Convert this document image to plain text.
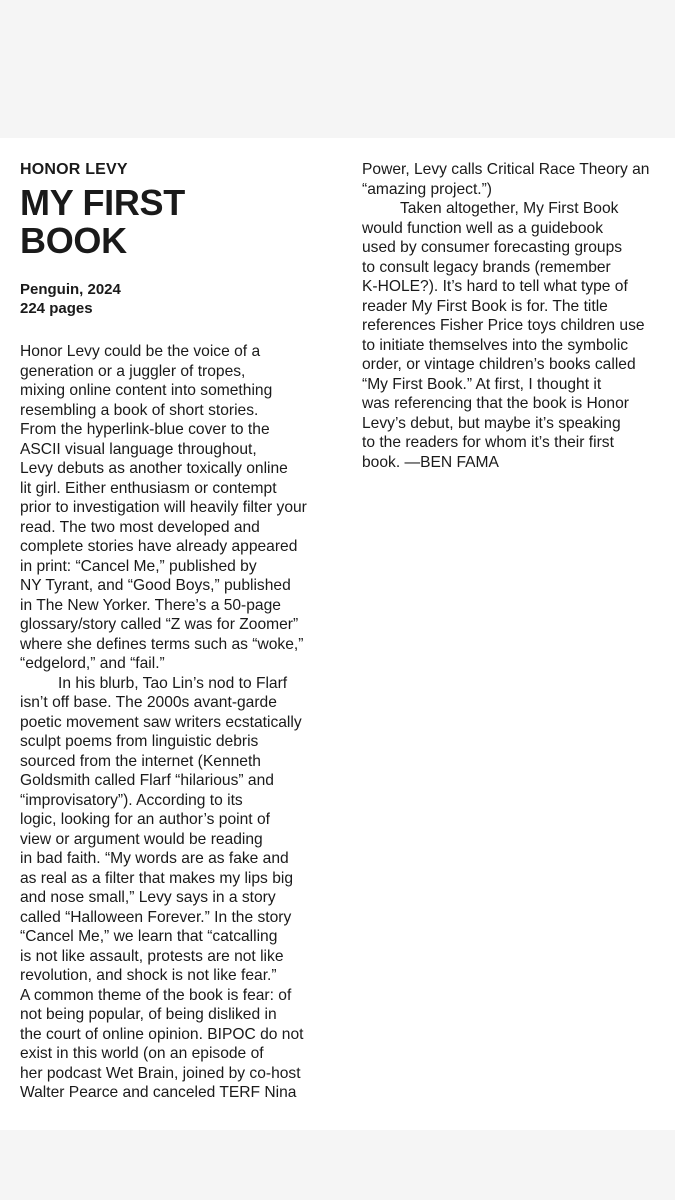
HONOR LEVY
MY FIRST
BOOK
Penguin, 2024
224 pages
Honor Levy could be the voice of a
generation or a juggler of tropes,
mixing online content into something
resembling a book of short stories.
From the hyperlink-blue cover to the
ASCII visual language throughout,
Levy debuts as another toxically online
lit girl. Either enthusiasm or contempt
prior to investigation will heavily filter your
read. The two most developed and
complete stories have already appeared
in print: “Cancel Me,” published by
NY Tyrant, and “Good Boys,” published
in The New Yorker. There’s a 50-page
glossary/story called “Z was for Zoomer”
where she defines terms such as “woke,”
“edgelord,” and “fail.”
In his blurb, Tao Lin’s nod to Flarf
isn’t off base. The 2000s avant-garde
poetic movement saw writers ecstatically
sculpt poems from linguistic debris
sourced from the internet (Kenneth
Goldsmith called Flarf “hilarious” and
“improvisatory”). According to its
logic, looking for an author’s point of
view or argument would be reading
in bad faith. “My words are as fake and
as real as a filter that makes my lips big
and nose small,” Levy says in a story
called “Halloween Forever.” In the story
“Cancel Me,” we learn that “catcalling
is not like assault, protests are not like
revolution, and shock is not like fear.”
A common theme of the book is fear: of
not being popular, of being disliked in
the court of online opinion. BIPOC do not
exist in this world (on an episode of
her podcast Wet Brain, joined by co-host
Walter Pearce and canceled TERF Nina
Power, Levy calls Critical Race Theory an
“amazing project.”)
Taken altogether, My First Book
would function well as a guidebook
used by consumer forecasting groups
to consult legacy brands (remember
K-HOLE?). It’s hard to tell what type of
reader My First Book is for. The title
references Fisher Price toys children use
to initiate themselves into the symbolic
order, or vintage children’s books called
“My First Book.” At first, I thought it
was referencing that the book is Honor
Levy’s debut, but maybe it’s speaking
to the readers for whom it’s their first
book. —BEN FAMA
